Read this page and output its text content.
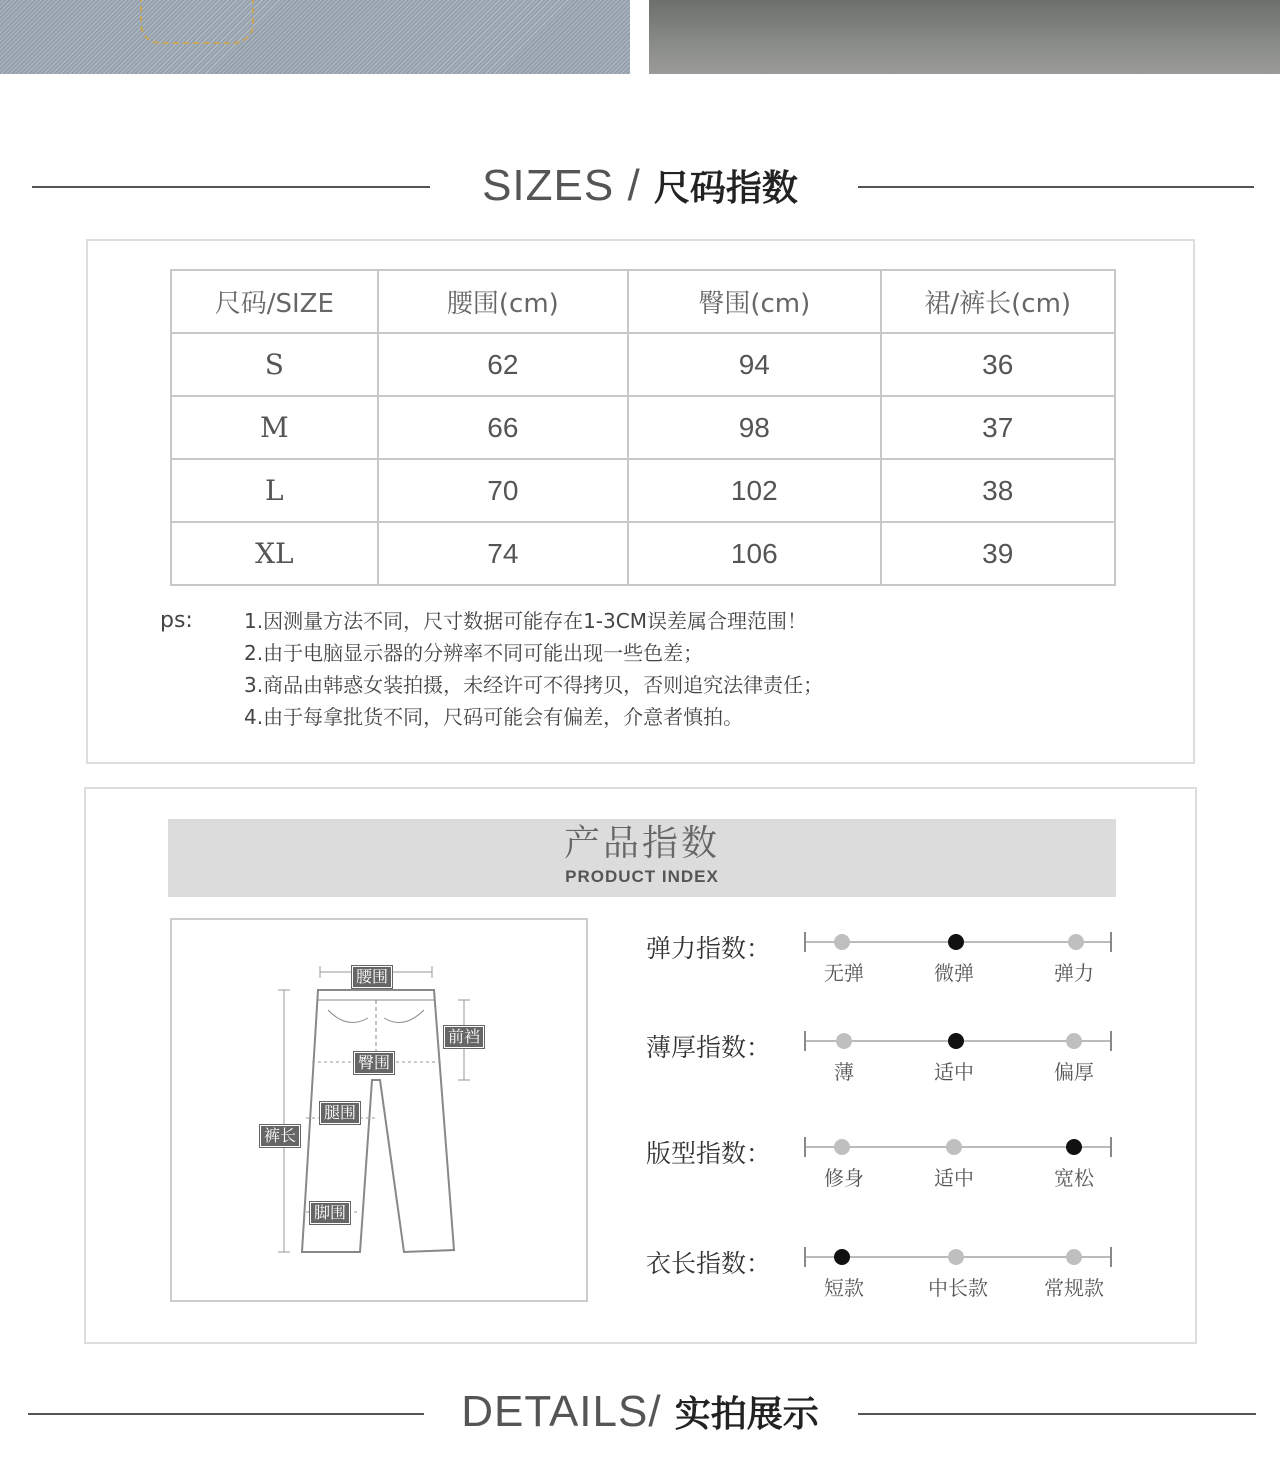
SIZES / 尺码指数
尺码/SIZE	腰围(cm)	臀围(cm)	裙/裤长(cm)
S	62	94	36
M	66	98	37
L	70	102	38
XL	74	106	39
ps:	1.因测量方法不同，尺寸数据可能存在1-3CM误差属合理范围！
2.由于电脑显示器的分辨率不同可能出现一些色差；
3.商品由韩惑女装拍摄，未经许可不得拷贝，否则追究法律责任；
4.由于每拿批货不同，尺码可能会有偏差，介意者慎拍。
产品指数
PRODUCT INDEX
腰围
前裆
臀围
腿围
裤长
脚围
弹力指数：
无弹	微弹	弹力
薄厚指数：
薄	适中	偏厚
版型指数：
修身	适中	宽松
衣长指数：
短款	中长款	常规款
DETAILS/ 实拍展示
